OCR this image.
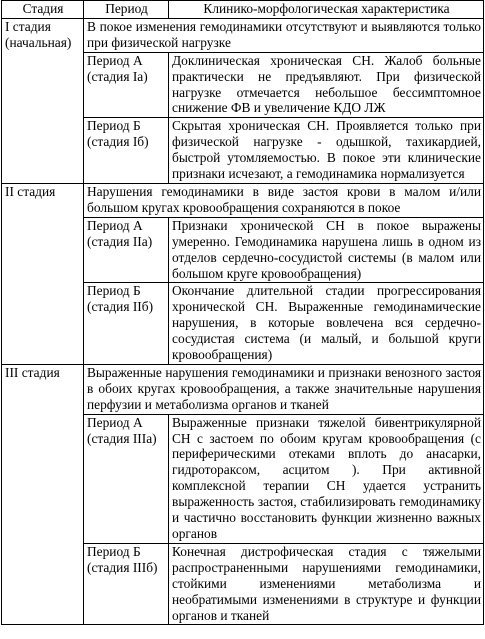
Стадия	Период	Клинико-морфологическая характеристика
I стадия (начальная)	В покое изменения гемодинамики отсутствуют и выявляются только при физической нагрузке	
	Период А (стадия Iа)	Доклиническая хроническая СН. Жалоб больные практически не предъявляют. При физической нагрузке отмечается небольшое бессимптомное снижение ФВ и увеличение КДО ЛЖ
	Период Б (стадия Iб)	Скрытая хроническая СН. Проявляется только при физической нагрузке - одышкой, тахикардией, быстрой утомляемостью. В покое эти клинические признаки исчезают, а гемодинамика нормализуется
II стадия	Нарушения гемодинамики в виде застоя крови в малом и/или большом кругах кровообращения сохраняются в покое	
	Период А (стадия IIа)	Признаки хронической СН в покое выражены умеренно. Гемодинамика нарушена лишь в одном из отделов сердечно-сосудистой системы (в малом или большом круге кровообращения)
	Период Б (стадия IIб)	Окончание длительной стадии прогрессирования хронической СН. Выраженные гемодинамические нарушения, в которые вовлечена вся сердечно-сосудистая система (и малый, и большой круги кровообращения)
III стадия	Выраженные нарушения гемодинамики и признаки венозного застоя в обоих кругах кровообращения, а также значительные нарушения перфузии и метаболизма органов и тканей	
	Период А (стадия IIIа)	Выраженные признаки тяжелой бивентрикулярной СН с застоем по обоим кругам кровообращения (с периферическими отеками вплоть до анасарки, гидротораксом, асцитом ). При активной комплексной терапии СН удается устранить выраженность застоя, стабилизировать гемодинамику и частично восстановить функции жизненно важных органов
	Период Б (стадия IIIб)	Конечная дистрофическая стадия с тяжелыми распространенными нарушениями гемодинамики, стойкими изменениями метаболизма и необратимыми изменениями в структуре и функции органов и тканей
